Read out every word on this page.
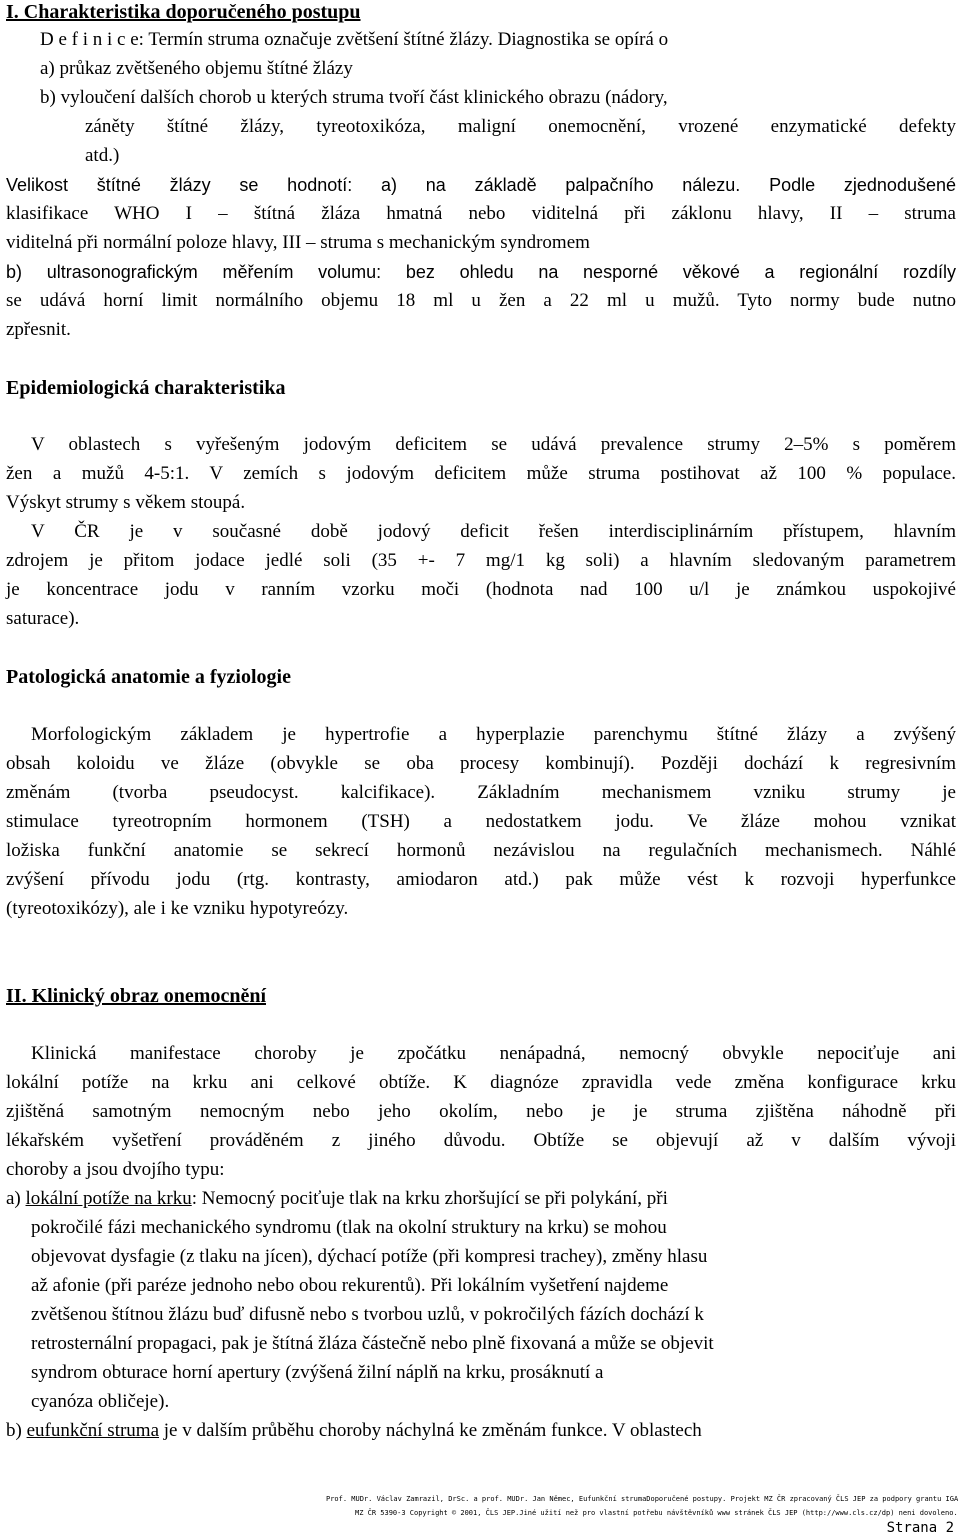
I. Charakteristika doporučeného postupu
D e f i n i c e: Termín struma označuje zvětšení štítné žlázy. Diagnostika se opírá o
a) průkaz zvětšeného objemu štítné žlázy
b) vyloučení dalších chorob u kterých struma tvoří část klinického obrazu (nádory,
záněty štítné žlázy, tyreotoxikóza, maligní onemocnění, vrozené enzymatické defekty
atd.)
Velikost štítné žlázy se hodnotí: a) na základě palpačního nálezu. Podle zjednodušené
klasifikace WHO I – štítná žláza hmatná nebo viditelná při záklonu hlavy, II – struma
viditelná při normální poloze hlavy, III – struma s mechanickým syndromem
b) ultrasonografickým měřením volumu: bez ohledu na nesporné věkové a regionální rozdíly
se udává horní limit normálního objemu 18 ml u žen a 22 ml u mužů. Tyto normy bude nutno
zpřesnit.
Epidemiologická charakteristika
V oblastech s vyřešeným jodovým deficitem se udává prevalence strumy 2–5% s poměrem
žen a mužů 4-5:1. V zemích s jodovým deficitem může struma postihovat až 100 % populace.
Výskyt strumy s věkem stoupá.
V ČR je v současné době jodový deficit řešen interdisciplinárním přístupem, hlavním
zdrojem je přitom jodace jedlé soli (35 +- 7 mg/1 kg soli) a hlavním sledovaným parametrem
je koncentrace jodu v ranním vzorku moči (hodnota nad 100 u/l je známkou uspokojivé
saturace).
Patologická anatomie a fyziologie
Morfologickým základem je hypertrofie a hyperplazie parenchymu štítné žlázy a zvýšený
obsah koloidu ve žláze (obvykle se oba procesy kombinují). Později dochází k regresivním
změnám (tvorba pseudocyst. kalcifikace). Základním mechanismem vzniku strumy je
stimulace tyreotropním hormonem (TSH) a nedostatkem jodu. Ve žláze mohou vznikat
ložiska funkční anatomie se sekrecí hormonů nezávislou na regulačních mechanismech. Náhlé
zvýšení přívodu jodu (rtg. kontrasty, amiodaron atd.) pak může vést k rozvoji hyperfunkce
(tyreotoxikózy), ale i ke vzniku hypotyreózy.
II. Klinický obraz onemocnění
Klinická manifestace choroby je zpočátku nenápadná, nemocný obvykle nepociťuje ani
lokální potíže na krku ani celkové obtíže. K diagnóze zpravidla vede změna konfigurace krku
zjištěná samotným nemocným nebo jeho okolím, nebo je je struma zjištěna náhodně při
lékařském vyšetření prováděném z jiného důvodu. Obtíže se objevují až v dalším vývoji
choroby a jsou dvojího typu:
a) lokální potíže na krku: Nemocný pociťuje tlak na krku zhoršující se při polykání, při
pokročilé fázi mechanického syndromu (tlak na okolní struktury na krku) se mohou
objevovat dysfagie (z tlaku na jícen), dýchací potíže (při kompresi trachey), změny hlasu
až afonie (při paréze jednoho nebo obou rekurentů). Při lokálním vyšetření najdeme
zvětšenou štítnou žlázu buď difusně nebo s tvorbou uzlů, v pokročilých fázích dochází k
retrosternální propagaci, pak je štítná žláza částečně nebo plně fixovaná a může se objevit
syndrom obturace horní apertury (zvýšená žilní náplň na krku, prosáknutí a
cyanóza obličeje).
b) eufunkční struma je v dalším průběhu choroby náchylná ke změnám funkce. V oblastech
Prof. MUDr. Václav Zamrazil, DrSc. a prof. MUDr. Jan Němec, Eufunkční strumaDoporučené postupy. Projekt MZ ČR zpracovaný ČLS JEP za podpory grantu IGA
MZ ČR 5390-3 Copyright © 2001, ČLS JEP.Jiné užití než pro vlastní potřebu návštěvníků www stránek ČLS JEP (http://www.cls.cz/dp) neni dovoleno.
Strana 2
